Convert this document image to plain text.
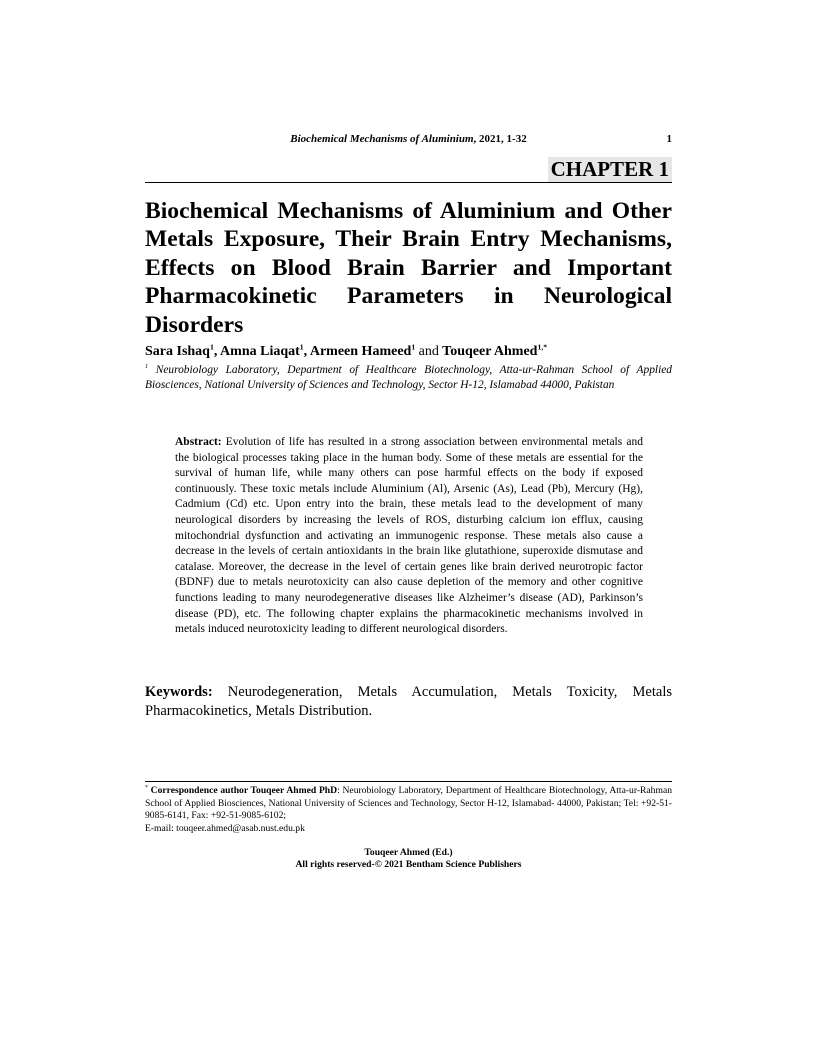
Biochemical Mechanisms of Aluminium, 2021, 1-32	1
CHAPTER 1
Biochemical Mechanisms of Aluminium and Other Metals Exposure, Their Brain Entry Mechanisms, Effects on Blood Brain Barrier and Important Pharmacokinetic Parameters in Neurological Disorders
Sara Ishaq$^1$, Amna Liaqat$^1$, Armeen Hameed$^1$ and Touqeer Ahmed$^{1,*}$
$^1$ Neurobiology Laboratory, Department of Healthcare Biotechnology, Atta-ur-Rahman School of Applied Biosciences, National University of Sciences and Technology, Sector H-12, Islamabad 44000, Pakistan
Abstract: Evolution of life has resulted in a strong association between environmental metals and the biological processes taking place in the human body. Some of these metals are essential for the survival of human life, while many others can pose harmful effects on the body if exposed continuously. These toxic metals include Aluminium (Al), Arsenic (As), Lead (Pb), Mercury (Hg), Cadmium (Cd) etc. Upon entry into the brain, these metals lead to the development of many neurological disorders by increasing the levels of ROS, disturbing calcium ion efflux, causing mitochondrial dysfunction and activating an immunogenic response. These metals also cause a decrease in the levels of certain antioxidants in the brain like glutathione, superoxide dismutase and catalase. Moreover, the decrease in the level of certain genes like brain derived neurotropic factor (BDNF) due to metals neurotoxicity can also cause depletion of the memory and other cognitive functions leading to many neurodegenerative diseases like Alzheimer’s disease (AD), Parkinson’s disease (PD), etc. The following chapter explains the pharmacokinetic mechanisms involved in metals induced neurotoxicity leading to different neurological disorders.
Keywords: Neurodegeneration, Metals Accumulation, Metals Toxicity, Metals Pharmacokinetics, Metals Distribution.
* Correspondence author Touqeer Ahmed PhD: Neurobiology Laboratory, Department of Healthcare Biotechnology, Atta-ur-Rahman School of Applied Biosciences, National University of Sciences and Technology, Sector H-12, Islamabad- 44000, Pakistan; Tel: +92-51-9085-6141, Fax: +92-51-9085-6102;
E-mail: touqeer.ahmed@asab.nust.edu.pk
Touqeer Ahmed (Ed.)
All rights reserved-© 2021 Bentham Science Publishers
